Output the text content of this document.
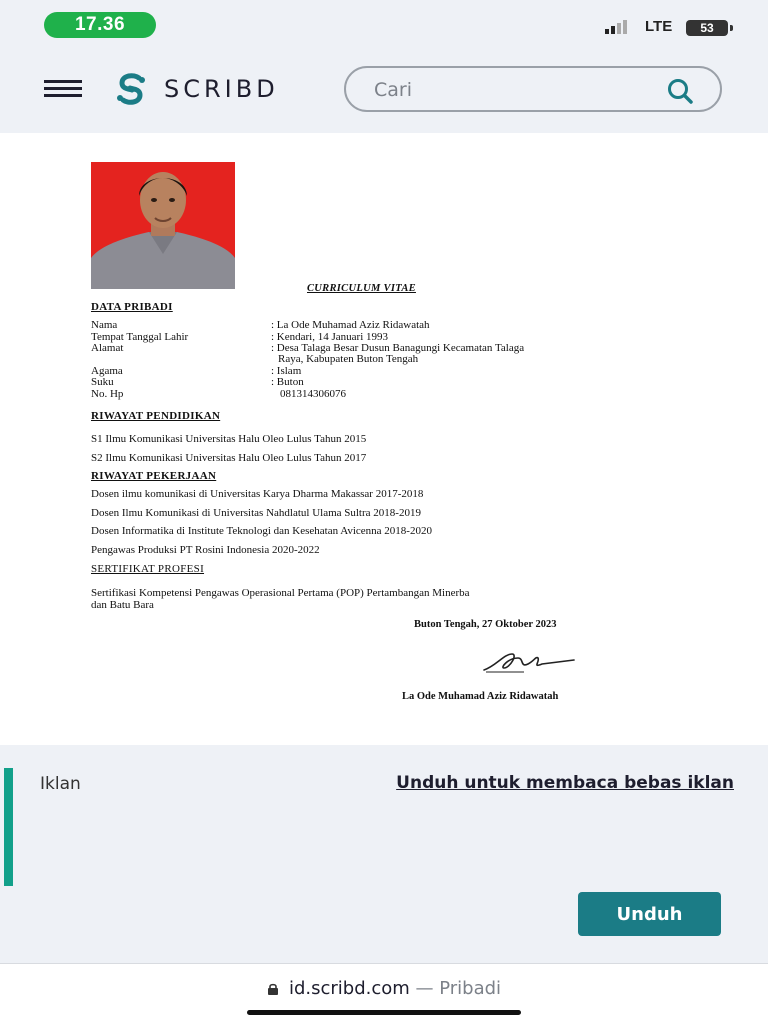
17.36	LTE	53
SCRIBD
Cari
CURRICULUM VITAE
DATA PRIBADI
Nama	: La Ode Muhamad Aziz Ridawatah
Tempat Tanggal Lahir	: Kendari, 14 Januari 1993
Alamat	: Desa Talaga Besar Dusun Banagungi Kecamatan Talaga
Raya, Kabupaten Buton Tengah
Agama	: Islam
Suku	: Buton
No. Hp	081314306076
RIWAYAT PENDIDIKAN
S1 Ilmu Komunikasi Universitas Halu Oleo Lulus Tahun 2015
S2 Ilmu Komunikasi Universitas Halu Oleo Lulus Tahun 2017
RIWAYAT PEKERJAAN
Dosen ilmu komunikasi di Universitas Karya Dharma Makassar 2017-2018
Dosen Ilmu Komunikasi di Universitas Nahdlatul Ulama Sultra 2018-2019
Dosen Informatika di Institute Teknologi dan Kesehatan Avicenna 2018-2020
Pengawas Produksi PT Rosini Indonesia 2020-2022
SERTIFIKAT PROFESI
Sertifikasi Kompetensi Pengawas Operasional Pertama (POP) Pertambangan Minerba
dan Batu Bara
Buton Tengah, 27 Oktober 2023
La Ode Muhamad Aziz Ridawatah
Iklan	Unduh untuk membaca bebas iklan
Unduh
id.scribd.com — Pribadi
